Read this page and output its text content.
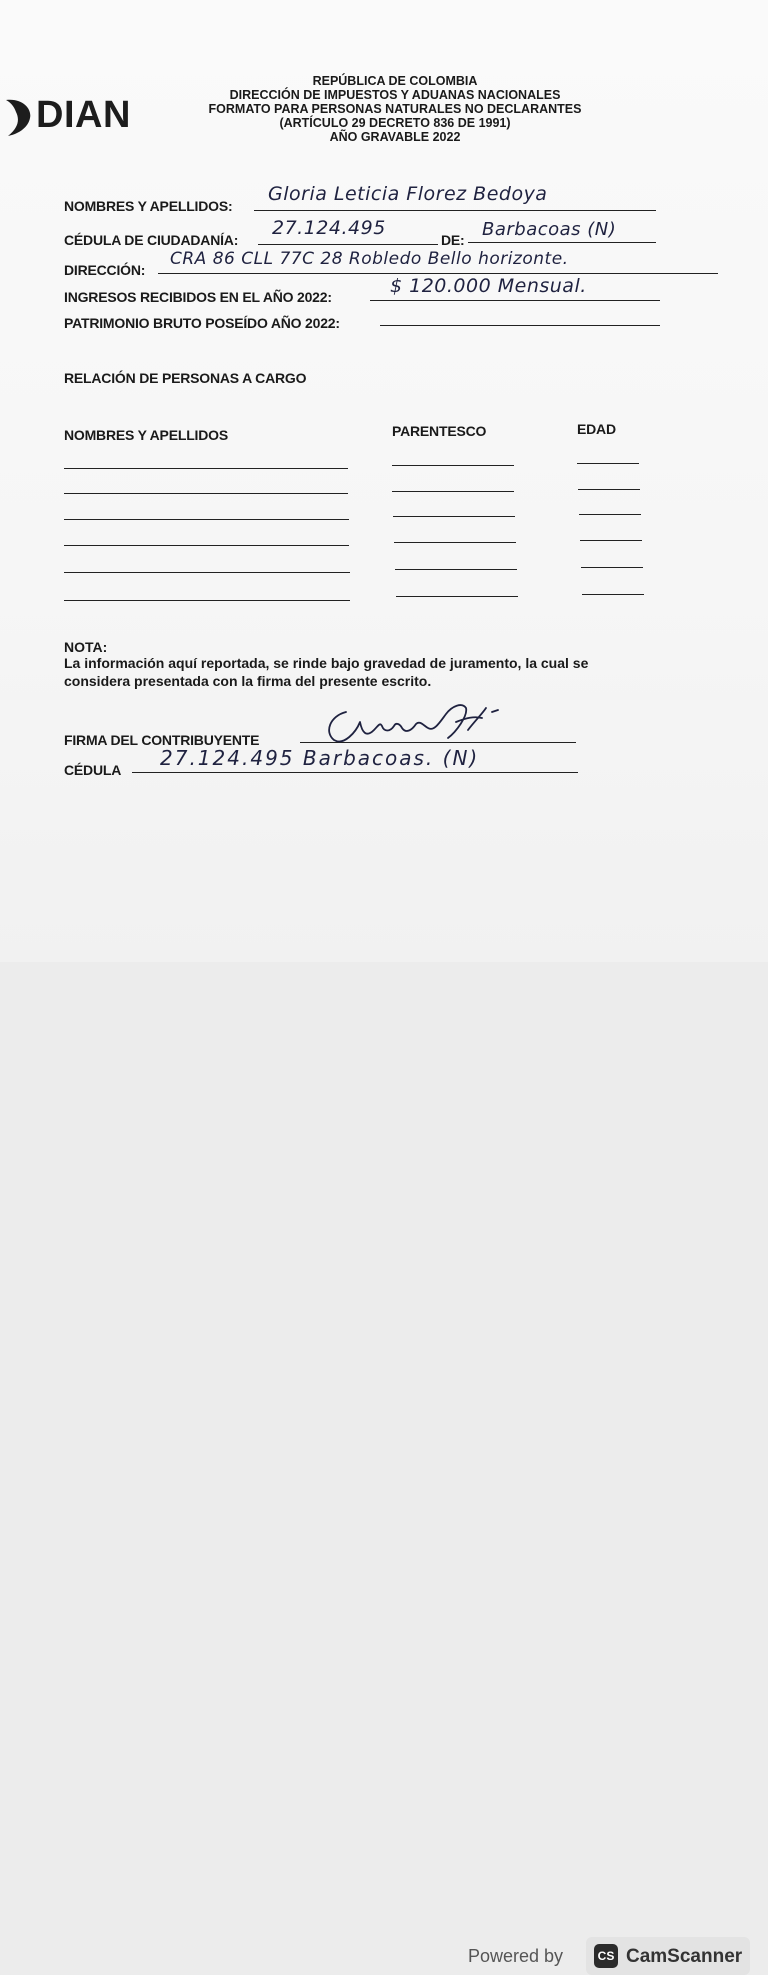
DIAN
REPÚBLICA DE COLOMBIA
DIRECCIÓN DE IMPUESTOS Y ADUANAS NACIONALES
FORMATO PARA PERSONAS NATURALES NO DECLARANTES
(ARTÍCULO 29 DECRETO 836 DE 1991)
AÑO GRAVABLE 2022
NOMBRES Y APELLIDOS:
Gloria Leticia Florez Bedoya
CÉDULA DE CIUDADANÍA:
27.124.495
DE: Barbacoas (N)
DIRECCIÓN:
CRA 86 CLL 77C 28 Robledo Bello horizonte.
INGRESOS RECIBIDOS EN EL AÑO 2022:	$ 120.000 Mensual.
PATRIMONIO BRUTO POSEÍDO AÑO 2022:
RELACIÓN DE PERSONAS A CARGO
NOMBRES Y APELLIDOS	PARENTESCO	EDAD
NOTA:
La información aquí reportada, se rinde bajo gravedad de juramento, la cual se
considera presentada con la firma del presente escrito.
FIRMA DEL CONTRIBUYENTE
CÉDULA 27.124.495 Barbacoas. (N)
Powered by	CS CamScanner
